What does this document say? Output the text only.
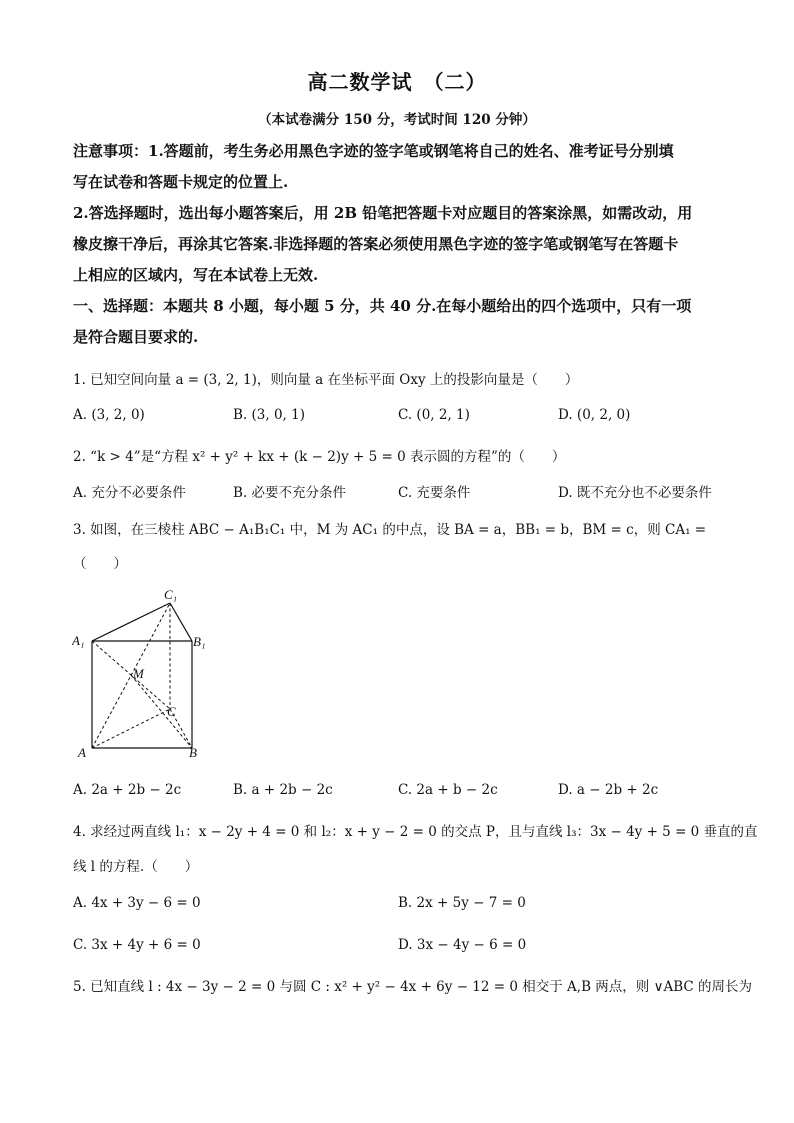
高二数学试　（二）
（本试卷满分 150 分，考试时间 120 分钟）
注意事项：1.答题前，考生务必用黑色字迹的签字笔或钢笔将自己的姓名、准考证号分别填
写在试卷和答题卡规定的位置上.
2.答选择题时，选出每小题答案后，用 2B 铅笔把答题卡对应题目的答案涂黑，如需改动，用
橡皮擦干净后，再涂其它答案.非选择题的答案必须使用黑色字迹的签字笔或钢笔写在答题卡
上相应的区域内，写在本试卷上无效.
一、选择题：本题共 8 小题，每小题 5 分，共 40 分.在每小题给出的四个选项中，只有一项
是符合题目要求的.
1. 已知空间向量 a = (3, 2, 1)，则向量 a 在坐标平面 Oxy 上的投影向量是（　　）
A. (3, 2, 0)	B. (3, 0, 1)	C. (0, 2, 1)	D. (0, 2, 0)
2. “k > 4”是“方程 x² + y² + kx + (k − 2)y + 5 = 0 表示圆的方程”的（　　）
A. 充分不必要条件	B. 必要不充分条件	C. 充要条件	D. 既不充分也不必要条件
3. 如图，在三棱柱 ABC − A₁B₁C₁ 中，M 为 AC₁ 的中点，设 BA = a，BB₁ = b，BM = c，则 CA₁ =
（　　）
C₁
A₁	B₁
M
C
A	B
A. 2a + 2b − 2c	B. a + 2b − 2c	C. 2a + b − 2c	D. a − 2b + 2c
4. 求经过两直线 l₁：x − 2y + 4 = 0 和 l₂：x + y − 2 = 0 的交点 P，且与直线 l₃：3x − 4y + 5 = 0 垂直的直
线 l 的方程.（　　）
A. 4x + 3y − 6 = 0	B. 2x + 5y − 7 = 0
C. 3x + 4y + 6 = 0	D. 3x − 4y − 6 = 0
5. 已知直线 l : 4x − 3y − 2 = 0 与圆 C : x² + y² − 4x + 6y − 12 = 0 相交于 A,B 两点，则 ∨ABC 的周长为
